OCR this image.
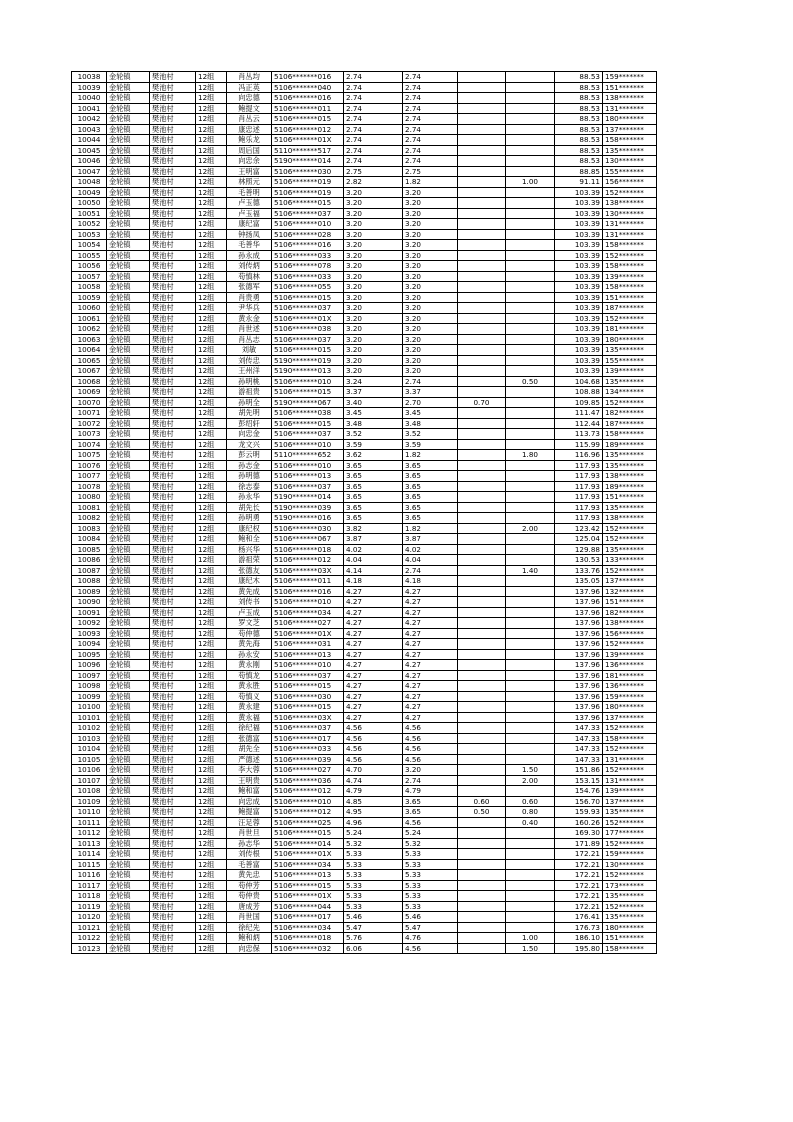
10038	金轮镇	樊池村	12组	肖丛均	5106*******016	2.74	2.74			88.53	159*******
10039	金轮镇	樊池村	12组	冯正英	5106*******040	2.74	2.74			88.53	151*******
10040	金轮镇	樊池村	12组	向忠德	5106*******016	2.74	2.74			88.53	138*******
10041	金轮镇	樊池村	12组	鲍提文	5106*******011	2.74	2.74			88.53	131*******
10042	金轮镇	樊池村	12组	肖丛云	5106*******015	2.74	2.74			88.53	180*******
10043	金轮镇	樊池村	12组	康忠述	5106*******012	2.74	2.74			88.53	137*******
10044	金轮镇	樊池村	12组	鲍乐龙	5106*******01X	2.74	2.74			88.53	158*******
10045	金轮镇	樊池村	12组	周后国	5110*******517	2.74	2.74			88.53	135*******
10046	金轮镇	樊池村	12组	向忠余	5190*******014	2.74	2.74			88.53	130*******
10047	金轮镇	樊池村	12组	王明富	5106*******030	2.75	2.75			88.85	155*******
10048	金轮镇	樊池村	12组	林照元	5106*******019	2.82	1.82		1.00	91.11	156*******
10049	金轮镇	樊池村	12组	毛善明	5106*******019	3.20	3.20			103.39	152*******
10050	金轮镇	樊池村	12组	卢玉德	5106*******015	3.20	3.20			103.39	138*******
10051	金轮镇	樊池村	12组	卢玉福	5106*******037	3.20	3.20			103.39	130*******
10052	金轮镇	樊池村	12组	康纪富	5106*******010	3.20	3.20			103.39	131*******
10053	金轮镇	樊池村	12组	钟扬凤	5106*******028	3.20	3.20			103.39	131*******
10054	金轮镇	樊池村	12组	毛善华	5106*******016	3.20	3.20			103.39	158*******
10055	金轮镇	樊池村	12组	孙永成	5106*******033	3.20	3.20			103.39	152*******
10056	金轮镇	樊池村	12组	刘传炳	5106*******078	3.20	3.20			103.39	158*******
10057	金轮镇	樊池村	12组	苟慎林	5106*******033	3.20	3.20			103.39	139*******
10058	金轮镇	樊池村	12组	张德军	5106*******055	3.20	3.20			103.39	158*******
10059	金轮镇	樊池村	12组	肖贵勇	5106*******015	3.20	3.20			103.39	151*******
10060	金轮镇	樊池村	12组	尹华兵	5106*******037	3.20	3.20			103.39	187*******
10061	金轮镇	樊池村	12组	黄永金	5106*******01X	3.20	3.20			103.39	152*******
10062	金轮镇	樊池村	12组	肖世述	5106*******038	3.20	3.20			103.39	181*******
10063	金轮镇	樊池村	12组	肖丛志	5106*******037	3.20	3.20			103.39	180*******
10064	金轮镇	樊池村	12组	刘敏	5106*******015	3.20	3.20			103.39	135*******
10065	金轮镇	樊池村	12组	刘传忠	5190*******019	3.20	3.20			103.39	155*******
10067	金轮镇	樊池村	12组	王州洋	5190*******013	3.20	3.20			103.39	139*******
10068	金轮镇	樊池村	12组	孙明桃	5106*******010	3.24	2.74		0.50	104.68	135*******
10069	金轮镇	樊池村	12组	游祖贵	5106*******015	3.37	3.37			108.88	134*******
10070	金轮镇	樊池村	12组	孙明全	5190*******067	3.40	2.70	0.70		109.85	152*******
10071	金轮镇	樊池村	12组	胡先明	5106*******038	3.45	3.45			111.47	182*******
10072	金轮镇	樊池村	12组	彭绍轩	5106*******015	3.48	3.48			112.44	187*******
10073	金轮镇	樊池村	12组	向忠金	5106*******037	3.52	3.52			113.73	158*******
10074	金轮镇	樊池村	12组	龙文兴	5106*******010	3.59	3.59			115.99	189*******
10075	金轮镇	樊池村	12组	彭云明	5110*******652	3.62	1.82		1.80	116.96	135*******
10076	金轮镇	樊池村	12组	孙志金	5106*******010	3.65	3.65			117.93	135*******
10077	金轮镇	樊池村	12组	孙明德	5106*******013	3.65	3.65			117.93	138*******
10078	金轮镇	樊池村	12组	徐志泰	5106*******037	3.65	3.65			117.93	189*******
10080	金轮镇	樊池村	12组	孙永华	5190*******014	3.65	3.65			117.93	151*******
10081	金轮镇	樊池村	12组	胡先长	5190*******039	3.65	3.65			117.93	135*******
10082	金轮镇	樊池村	12组	孙明勇	5190*******016	3.65	3.65			117.93	138*******
10083	金轮镇	樊池村	12组	康纪权	5106*******030	3.82	1.82		2.00	123.42	152*******
10084	金轮镇	樊池村	12组	鲍和全	5106*******067	3.87	3.87			125.04	152*******
10085	金轮镇	樊池村	12组	杨兴华	5106*******018	4.02	4.02			129.88	135*******
10086	金轮镇	樊池村	12组	游祖荣	5106*******012	4.04	4.04			130.53	133*******
10087	金轮镇	樊池村	12组	张德友	5106*******03X	4.14	2.74		1.40	133.76	152*******
10088	金轮镇	樊池村	12组	康纪木	5106*******011	4.18	4.18			135.05	137*******
10089	金轮镇	樊池村	12组	黄先成	5106*******016	4.27	4.27			137.96	132*******
10090	金轮镇	樊池村	12组	刘传书	5106*******010	4.27	4.27			137.96	151*******
10091	金轮镇	樊池村	12组	卢玉成	5106*******034	4.27	4.27			137.96	182*******
10092	金轮镇	樊池村	12组	罗文芝	5106*******027	4.27	4.27			137.96	138*******
10093	金轮镇	樊池村	12组	苟仲德	5106*******01X	4.27	4.27			137.96	156*******
10094	金轮镇	樊池村	12组	黄先海	5106*******031	4.27	4.27			137.96	152*******
10095	金轮镇	樊池村	12组	孙永安	5106*******013	4.27	4.27			137.96	139*******
10096	金轮镇	樊池村	12组	黄永刚	5106*******010	4.27	4.27			137.96	136*******
10097	金轮镇	樊池村	12组	苟慎龙	5106*******037	4.27	4.27			137.96	181*******
10098	金轮镇	樊池村	12组	黄永胜	5106*******015	4.27	4.27			137.96	136*******
10099	金轮镇	樊池村	12组	苟慎义	5106*******030	4.27	4.27			137.96	159*******
10100	金轮镇	樊池村	12组	黄永建	5106*******015	4.27	4.27			137.96	180*******
10101	金轮镇	樊池村	12组	黄永福	5106*******03X	4.27	4.27			137.96	137*******
10102	金轮镇	樊池村	12组	徐纪福	5106*******037	4.56	4.56			147.33	152*******
10103	金轮镇	樊池村	12组	张德富	5106*******017	4.56	4.56			147.33	158*******
10104	金轮镇	樊池村	12组	胡先全	5106*******033	4.56	4.56			147.33	152*******
10105	金轮镇	樊池村	12组	严德述	5106*******039	4.56	4.56			147.33	131*******
10106	金轮镇	樊池村	12组	李大蓉	5106*******027	4.70	3.20		1.50	151.86	152*******
10107	金轮镇	樊池村	12组	王明贵	5106*******036	4.74	2.74		2.00	153.15	131*******
10108	金轮镇	樊池村	12组	鲍和富	5106*******012	4.79	4.79			154.76	139*******
10109	金轮镇	樊池村	12组	向忠成	5106*******010	4.85	3.65	0.60	0.60	156.70	137*******
10110	金轮镇	樊池村	12组	鲍提富	5106*******012	4.95	3.65	0.50	0.80	159.93	135*******
10111	金轮镇	樊池村	12组	汪足蓉	5106*******025	4.96	4.56		0.40	160.26	152*******
10112	金轮镇	樊池村	12组	肖世旦	5106*******015	5.24	5.24			169.30	177*******
10113	金轮镇	樊池村	12组	孙志华	5106*******014	5.32	5.32			171.89	152*******
10114	金轮镇	樊池村	12组	刘传根	5106*******01X	5.33	5.33			172.21	159*******
10115	金轮镇	樊池村	12组	毛善富	5106*******034	5.33	5.33			172.21	130*******
10116	金轮镇	樊池村	12组	黄先忠	5106*******013	5.33	5.33			172.21	152*******
10117	金轮镇	樊池村	12组	苟仲芳	5106*******015	5.33	5.33			172.21	173*******
10118	金轮镇	樊池村	12组	苟仲贵	5106*******01X	5.33	5.33			172.21	135*******
10119	金轮镇	樊池村	12组	唐成芳	5106*******044	5.33	5.33			172.21	152*******
10120	金轮镇	樊池村	12组	肖世国	5106*******017	5.46	5.46			176.41	135*******
10121	金轮镇	樊池村	12组	徐纪先	5106*******034	5.47	5.47			176.73	180*******
10122	金轮镇	樊池村	12组	鲍和炳	5106*******018	5.76	4.76		1.00	186.10	151*******
10123	金轮镇	樊池村	12组	向忠保	5106*******032	6.06	4.56		1.50	195.80	158*******
